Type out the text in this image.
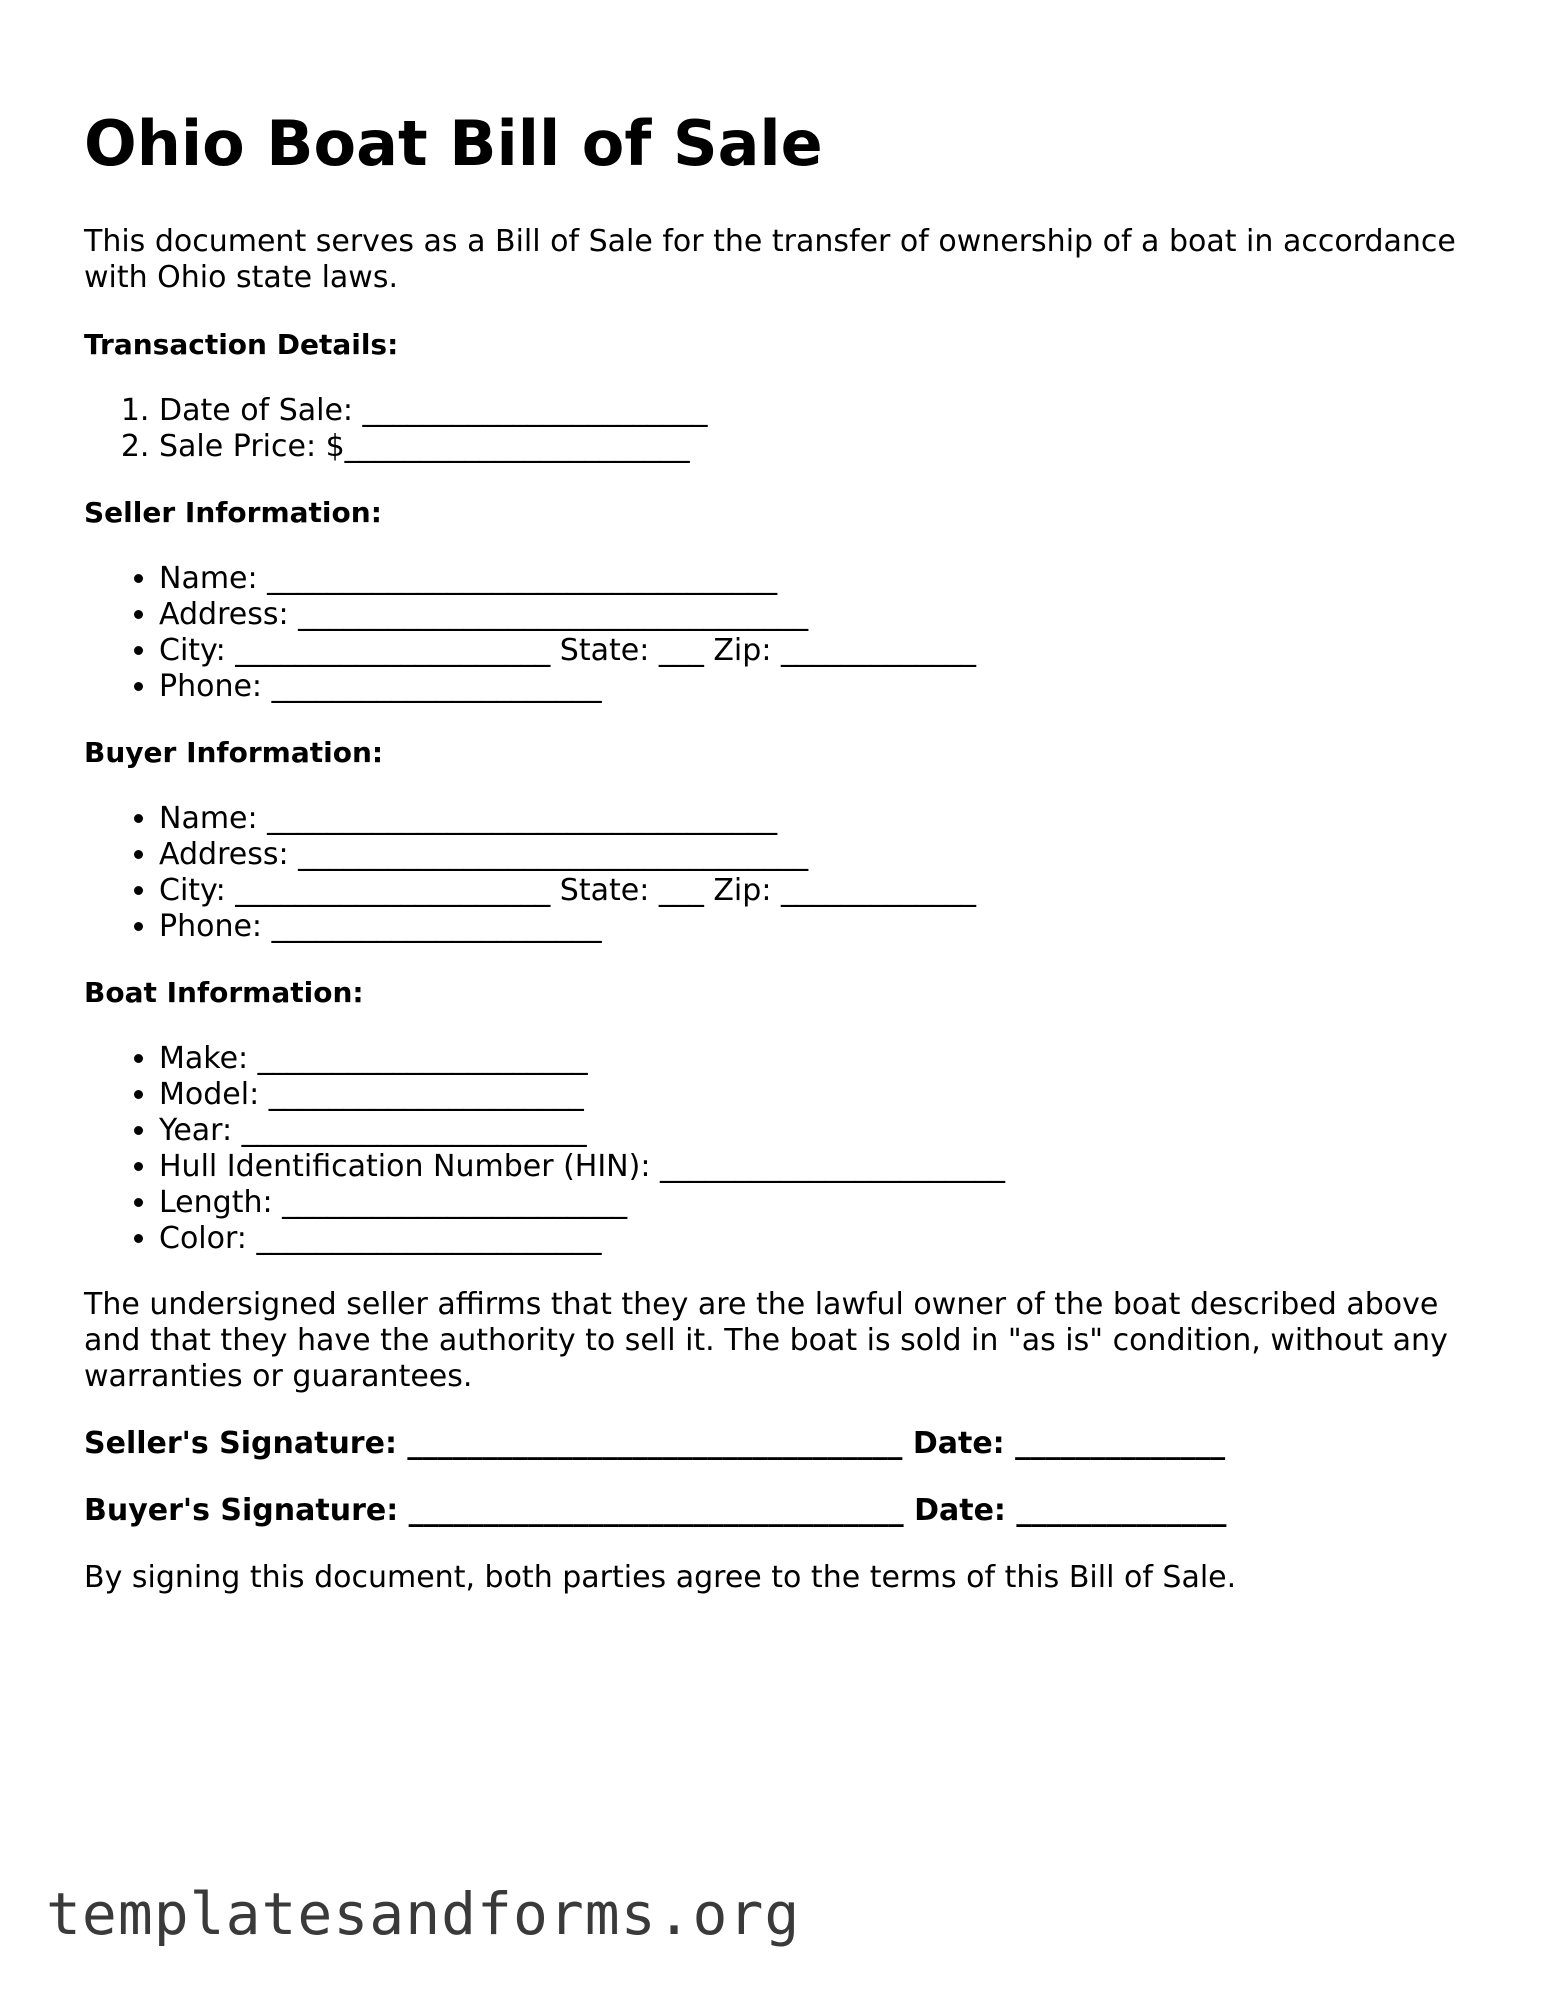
Ohio Boat Bill of Sale

This document serves as a Bill of Sale for the transfer of ownership of a boat in accordance with Ohio state laws.

Transaction Details:
1. Date of Sale: _______________________
2. Sale Price: $_______________________
Seller Information:
• Name: __________________________________
• Address: __________________________________
• City: _____________________ State: ___ Zip: _____________
• Phone: ______________________
Buyer Information:
• Name: __________________________________
• Address: __________________________________
• City: _____________________ State: ___ Zip: _____________
• Phone: ______________________
Boat Information:
• Make: ______________________
• Model: _____________________
• Year: _______________________
• Hull Identification Number (HIN): _______________________
• Length: _______________________
• Color: _______________________

The undersigned seller affirms that they are the lawful owner of the boat described above and that they have the authority to sell it. The boat is sold in "as is" condition, without any warranties or guarantees.

Seller's Signature: _________________________________ Date: ______________
Buyer's Signature: _________________________________ Date: ______________
By signing this document, both parties agree to the terms of this Bill of Sale.
templatesandforms.org
